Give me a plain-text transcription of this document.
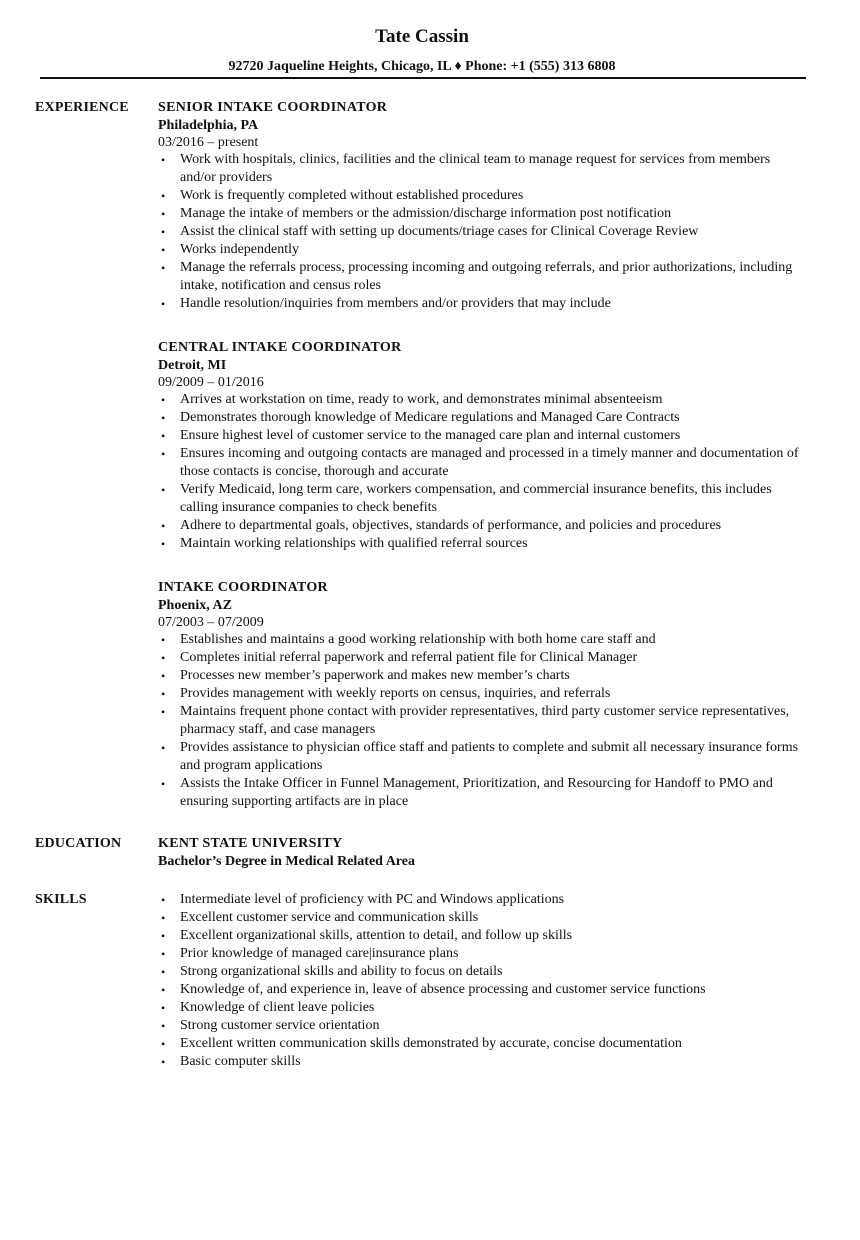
Tate Cassin
92720 Jaqueline Heights, Chicago, IL ♦ Phone: +1 (555) 313 6808
EXPERIENCE SENIOR INTAKE COORDINATOR
Philadelphia, PA
03/2016 – present
• Work with hospitals, clinics, facilities and the clinical team to manage request for services from members and/or providers
• Work is frequently completed without established procedures
• Manage the intake of members or the admission/discharge information post notification
• Assist the clinical staff with setting up documents/triage cases for Clinical Coverage Review
• Works independently
• Manage the referrals process, processing incoming and outgoing referrals, and prior authorizations, including intake, notification and census roles
• Handle resolution/inquiries from members and/or providers that may include
CENTRAL INTAKE COORDINATOR
Detroit, MI
09/2009 – 01/2016
• Arrives at workstation on time, ready to work, and demonstrates minimal absenteeism
• Demonstrates thorough knowledge of Medicare regulations and Managed Care Contracts
• Ensure highest level of customer service to the managed care plan and internal customers
• Ensures incoming and outgoing contacts are managed and processed in a timely manner and documentation of those contacts is concise, thorough and accurate
• Verify Medicaid, long term care, workers compensation, and commercial insurance benefits, this includes calling insurance companies to check benefits
• Adhere to departmental goals, objectives, standards of performance, and policies and procedures
• Maintain working relationships with qualified referral sources
INTAKE COORDINATOR
Phoenix, AZ
07/2003 – 07/2009
• Establishes and maintains a good working relationship with both home care staff and
• Completes initial referral paperwork and referral patient file for Clinical Manager
• Processes new member’s paperwork and makes new member’s charts
• Provides management with weekly reports on census, inquiries, and referrals
• Maintains frequent phone contact with provider representatives, third party customer service representatives, pharmacy staff, and case managers
• Provides assistance to physician office staff and patients to complete and submit all necessary insurance forms and program applications
• Assists the Intake Officer in Funnel Management, Prioritization, and Resourcing for Handoff to PMO and ensuring supporting artifacts are in place
EDUCATION	KENT STATE UNIVERSITY
Bachelor’s Degree in Medical Related Area
SKILLS	• Intermediate level of proficiency with PC and Windows applications
• Excellent customer service and communication skills
• Excellent organizational skills, attention to detail, and follow up skills
• Prior knowledge of managed care|insurance plans
• Strong organizational skills and ability to focus on details
• Knowledge of, and experience in, leave of absence processing and customer service functions
• Knowledge of client leave policies
• Strong customer service orientation
• Excellent written communication skills demonstrated by accurate, concise documentation
• Basic computer skills
